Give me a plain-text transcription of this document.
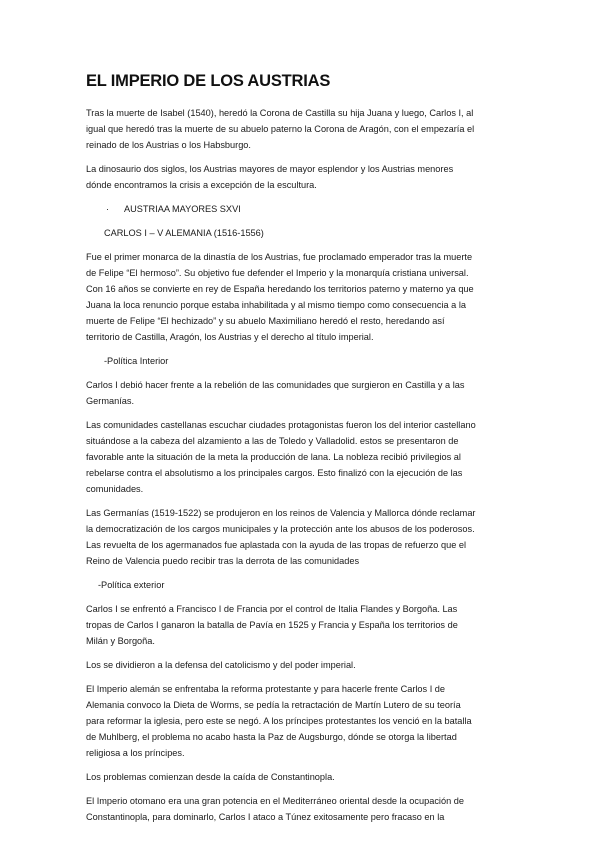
EL IMPERIO DE LOS AUSTRIAS

Tras la muerte de Isabel (1540), heredó la Corona de Castilla su hija Juana y luego, Carlos I, al
igual que heredó tras la muerte de su abuelo paterno la Corona de Aragón, con el empezaría el
reinado de los Austrias o los Habsburgo.

La dinosaurio dos siglos, los Austrias mayores de mayor esplendor y los Austrias menores
dónde encontramos la crisis a excepción de la escultura.

· AUSTRIAA MAYORES SXVI
CARLOS I – V ALEMANIA (1516-1556)

Fue el primer monarca de la dinastía de los Austrias, fue proclamado emperador tras la muerte
de Felipe “El hermoso”. Su objetivo fue defender el Imperio y la monarquía cristiana universal.
Con 16 años se convierte en rey de España heredando los territorios paterno y materno ya que
Juana la loca renuncio porque estaba inhabilitada y al mismo tiempo como consecuencia a la
muerte de Felipe “El hechizado” y su abuelo Maximiliano heredó el resto, heredando así
territorio de Castilla, Aragón, los Austrias y el derecho al título imperial.

-Política Interior

Carlos I debió hacer frente a la rebelión de las comunidades que surgieron en Castilla y a las
Germanías.

Las comunidades castellanas escuchar ciudades protagonistas fueron los del interior castellano
situándose a la cabeza del alzamiento a las de Toledo y Valladolid. estos se presentaron de
favorable ante la situación de la meta la producción de lana. La nobleza recibió privilegios al
rebelarse contra el absolutismo a los principales cargos. Esto finalizó con la ejecución de las
comunidades.

Las Germanías (1519-1522) se produjeron en los reinos de Valencia y Mallorca dónde reclamar
la democratización de los cargos municipales y la protección ante los abusos de los poderosos.
Las revuelta de los agermanados fue aplastada con la ayuda de las tropas de refuerzo que el
Reino de Valencia puedo recibir tras la derrota de las comunidades

-Política exterior

Carlos I se enfrentó a Francisco I de Francia por el control de Italia Flandes y Borgoña. Las
tropas de Carlos I ganaron la batalla de Pavía en 1525 y Francia y España los territorios de
Milán y Borgoña.

Los se dividieron a la defensa del catolicismo y del poder imperial.

El Imperio alemán se enfrentaba la reforma protestante y para hacerle frente Carlos I de
Alemania convoco la Dieta de Worms, se pedía la retractación de Martín Lutero de su teoría
para reformar la iglesia, pero este se negó. A los príncipes protestantes los venció en la batalla
de Muhlberg, el problema no acabo hasta la Paz de Augsburgo, dónde se otorga la libertad
religiosa a los príncipes.

Los problemas comienzan desde la caída de Constantinopla.

El Imperio otomano era una gran potencia en el Mediterráneo oriental desde la ocupación de
Constantinopla, para dominarlo, Carlos I ataco a Túnez exitosamente pero fracaso en la
